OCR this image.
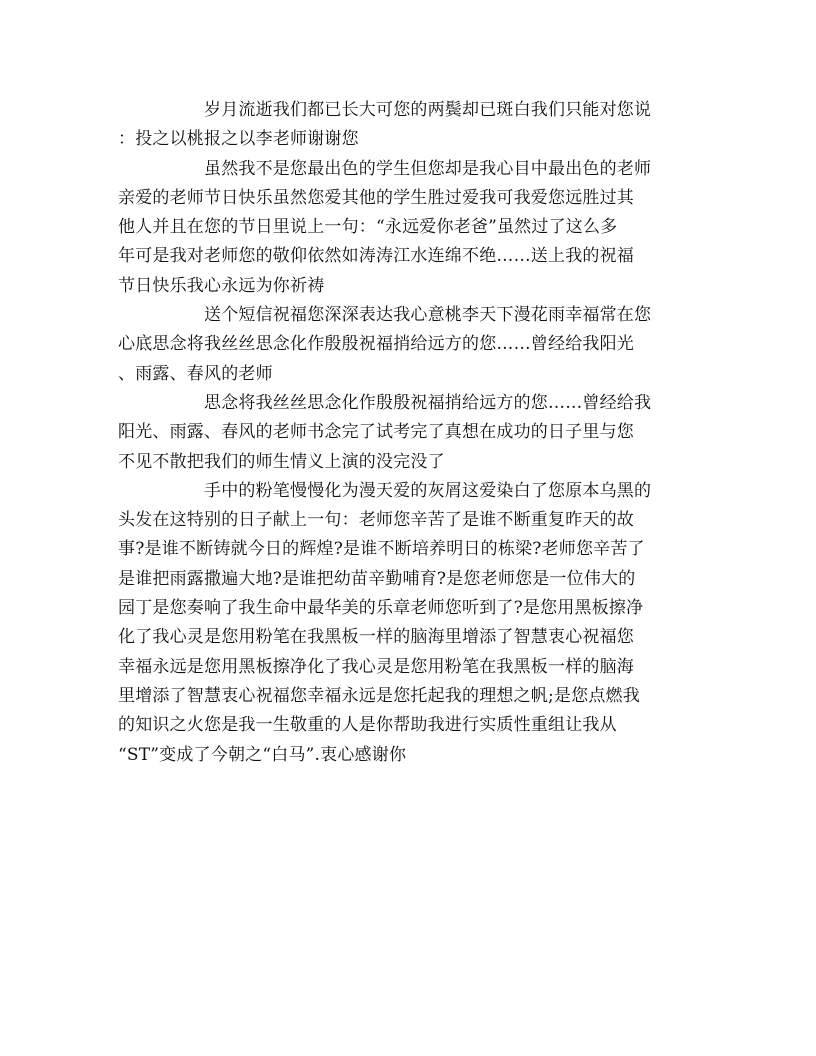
岁月流逝我们都已长大可您的两鬓却已斑白我们只能对您说
：投之以桃报之以李老师谢谢您

虽然我不是您最出色的学生但您却是我心目中最出色的老师
亲爱的老师节日快乐虽然您爱其他的学生胜过爱我可我爱您远胜过其
他人并且在您的节日里说上一句：“永远爱你老爸”虽然过了这么多
年可是我对老师您的敬仰依然如涛涛江水连绵不绝……送上我的祝福
节日快乐我心永远为你祈祷

送个短信祝福您深深表达我心意桃李天下漫花雨幸福常在您
心底思念将我丝丝思念化作殷殷祝福捎给远方的您……曾经给我阳光
、雨露、春风的老师

思念将我丝丝思念化作殷殷祝福捎给远方的您……曾经给我
阳光、雨露、春风的老师书念完了试考完了真想在成功的日子里与您
不见不散把我们的师生情义上演的没完没了

手中的粉笔慢慢化为漫天爱的灰屑这爱染白了您原本乌黑的
头发在这特别的日子献上一句：老师您辛苦了是谁不断重复昨天的故
事?是谁不断铸就今日的辉煌?是谁不断培养明日的栋梁?老师您辛苦了
是谁把雨露撒遍大地?是谁把幼苗辛勤哺育?是您老师您是一位伟大的
园丁是您奏响了我生命中最华美的乐章老师您听到了?是您用黑板擦净
化了我心灵是您用粉笔在我黑板一样的脑海里增添了智慧衷心祝福您
幸福永远是您用黑板擦净化了我心灵是您用粉笔在我黑板一样的脑海
里增添了智慧衷心祝福您幸福永远是您托起我的理想之帆;是您点燃我
的知识之火您是我一生敬重的人是你帮助我进行实质性重组让我从
“ST”变成了今朝之“白马”.衷心感谢你
